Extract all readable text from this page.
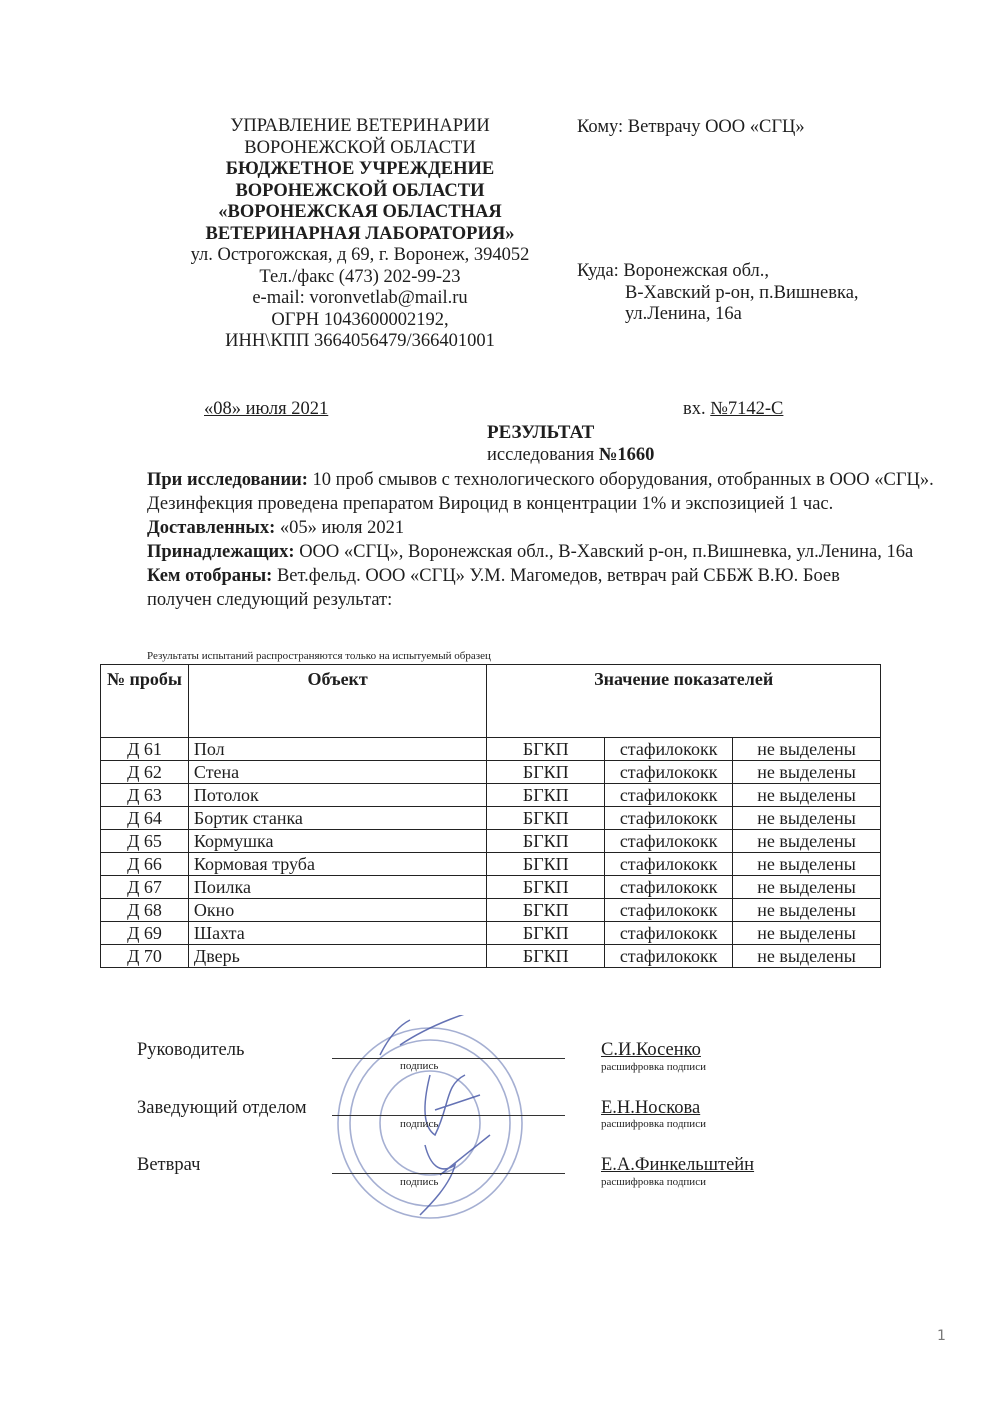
УПРАВЛЕНИЕ ВЕТЕРИНАРИИ
ВОРОНЕЖСКОЙ ОБЛАСТИ
БЮДЖЕТНОЕ УЧРЕЖДЕНИЕ
ВОРОНЕЖСКОЙ ОБЛАСТИ
«ВОРОНЕЖСКАЯ ОБЛАСТНАЯ
ВЕТЕРИНАРНАЯ ЛАБОРАТОРИЯ»
ул. Острогожская, д 69, г. Воронеж, 394052
Тел./факс (473) 202-99-23
e-mail: voronvetlab@mail.ru
ОГРН 1043600002192,
ИНН\КПП 3664056479/366401001
Кому: Ветврачу ООО «СГЦ»
Куда: Воронежская обл.,
В-Хавский р-он, п.Вишневка,
ул.Ленина, 16а
«08» июля 2021	вх. №7142-С
РЕЗУЛЬТАТ
исследования №1660
При исследовании: 10 проб смывов с технологического оборудования, отобранных в ООО «СГЦ».
Дезинфекция проведена препаратом Вироцид в концентрации 1% и экспозицией 1 час.
Доставленных: «05» июля 2021
Принадлежащих: ООО «СГЦ», Воронежская обл., В-Хавский р-он, п.Вишневка, ул.Ленина, 16а
Кем отобраны: Вет.фельд. ООО «СГЦ» У.М. Магомедов, ветврач рай СББЖ В.Ю. Боев
получен следующий результат:
Результаты испытаний распространяются только на испытуемый образец
№ пробы	Объект	Значение показателей		
Д 61	Пол	БГКП	стафилококк	не выделены
Д 62	Стена	БГКП	стафилококк	не выделены
Д 63	Потолок	БГКП	стафилококк	не выделены
Д 64	Бортик станка	БГКП	стафилококк	не выделены
Д 65	Кормушка	БГКП	стафилококк	не выделены
Д 66	Кормовая труба	БГКП	стафилококк	не выделены
Д 67	Поилка	БГКП	стафилококк	не выделены
Д 68	Окно	БГКП	стафилококк	не выделены
Д 69	Шахта	БГКП	стафилококк	не выделены
Д 70	Дверь	БГКП	стафилококк	не выделены
Руководитель
подпись
С.И.Косенко
расшифровка подписи
Заведующий отделом
подпись
Е.Н.Носкова
расшифровка подписи
Ветврач
подпись
Е.А.Финкельштейн
расшифровка подписи
1
